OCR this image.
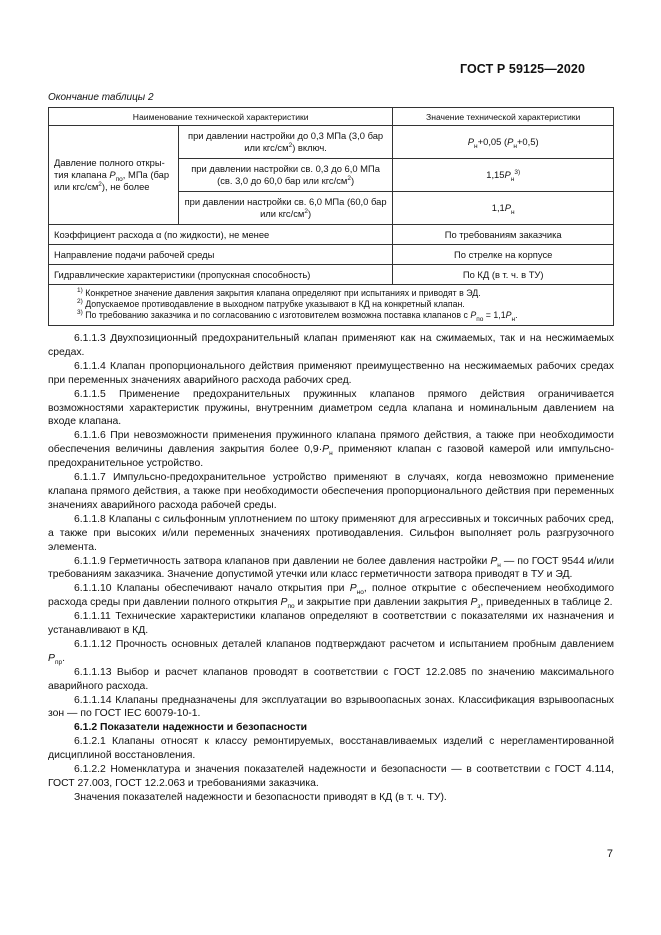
ГОСТ Р 59125—2020
Окончание таблицы 2
Наименование технической характеристики		Значение технической характеристики
Давление полного откры-тия клапана $P_{по}$, МПа (бар или кгс/$см^2$), не более	при давлении настройки до 0,3 МПа (3,0 бар или кгс/$см^2$) включ.	$P_н+0,05$ $(P_н+0,5)$
	при давлении настройки св. 0,3 до 6,0 МПа (св. 3,0 до 60,0 бар или кгс/$см^2$)	$1,15P_н^{3)}$
	при давлении настройки св. 6,0 МПа (60,0 бар или кгс/$см^2$)	$1,1P_н$
Коэффициент расхода α (по жидкости), не менее		По требованиям заказчика
Направление подачи рабочей среды		По стрелке на корпусе
Гидравлические характеристики (пропускная способность)		По КД (в т. ч. в ТУ)

$^{1)}$ Конкретное значение давления закрытия клапана определяют при испытаниях и приводят в ЭД.
$^{2)}$ Допускаемое противодавление в выходном патрубке указывают в КД на конкретный клапан.
$^{3)}$ По требованию заказчика и по согласованию с изготовителем возможна поставка клапанов с $P_{по} = 1,1P_н$.		

6.1.1.3 Двухпозиционный предохранительный клапан применяют как на сжимаемых, так и на несжимаемых средах.

6.1.1.4 Клапан пропорционального действия применяют преимущественно на несжимаемых рабочих средах при переменных значениях аварийного расхода рабочих сред.

6.1.1.5 Применение предохранительных пружинных клапанов прямого действия ограничивается возможностями характеристик пружины, внутренним диаметром седла клапана и номинальным давлением на входе клапана.

6.1.1.6 При невозможности применения пружинного клапана прямого действия, а также при необходимости обеспечения величины давления закрытия более $0,9\cdot P_н$ применяют клапан с газовой камерой или импульсно-предохранительное устройство.

6.1.1.7 Импульсно-предохранительное устройство применяют в случаях, когда невозможно применение клапана прямого действия, а также при необходимости обеспечения пропорционального действия при переменных значениях аварийного расхода рабочей среды.

6.1.1.8 Клапаны с сильфонным уплотнением по штоку применяют для агрессивных и токсичных рабочих сред, а также при высоких и/или переменных значениях противодавления. Сильфон выполняет роль разгрузочного элемента.

6.1.1.9 Герметичность затвора клапанов при давлении не более давления настройки $P_н$ — по ГОСТ 9544 и/или требованиям заказчика. Значение допустимой утечки или класс герметичности затвора приводят в ТУ и ЭД.

6.1.1.10 Клапаны обеспечивают начало открытия при $P_{но}$, полное открытие с обеспечением необходимого расхода среды при давлении полного открытия $P_{по}$ и закрытие при давлении закрытия $P_з$, приведенных в таблице 2.

6.1.1.11 Технические характеристики клапанов определяют в соответствии с показателями их назначения и устанавливают в КД.

6.1.1.12 Прочность основных деталей клапанов подтверждают расчетом и испытанием пробным давлением $P_{пр}$.

6.1.1.13 Выбор и расчет клапанов проводят в соответствии с ГОСТ 12.2.085 по значению максимального аварийного расхода.

6.1.1.14 Клапаны предназначены для эксплуатации во взрывоопасных зонах. Классификация взрывоопасных зон — по ГОСТ IEC 60079-10-1.

6.1.2 Показатели надежности и безопасности

6.1.2.1 Клапаны относят к классу ремонтируемых, восстанавливаемых изделий с нерегламентированной дисциплиной восстановления.

6.1.2.2 Номенклатура и значения показателей надежности и безопасности — в соответствии с ГОСТ 4.114, ГОСТ 27.003, ГОСТ 12.2.063 и требованиями заказчика.

Значения показателей надежности и безопасности приводят в КД (в т. ч. ТУ).

7
